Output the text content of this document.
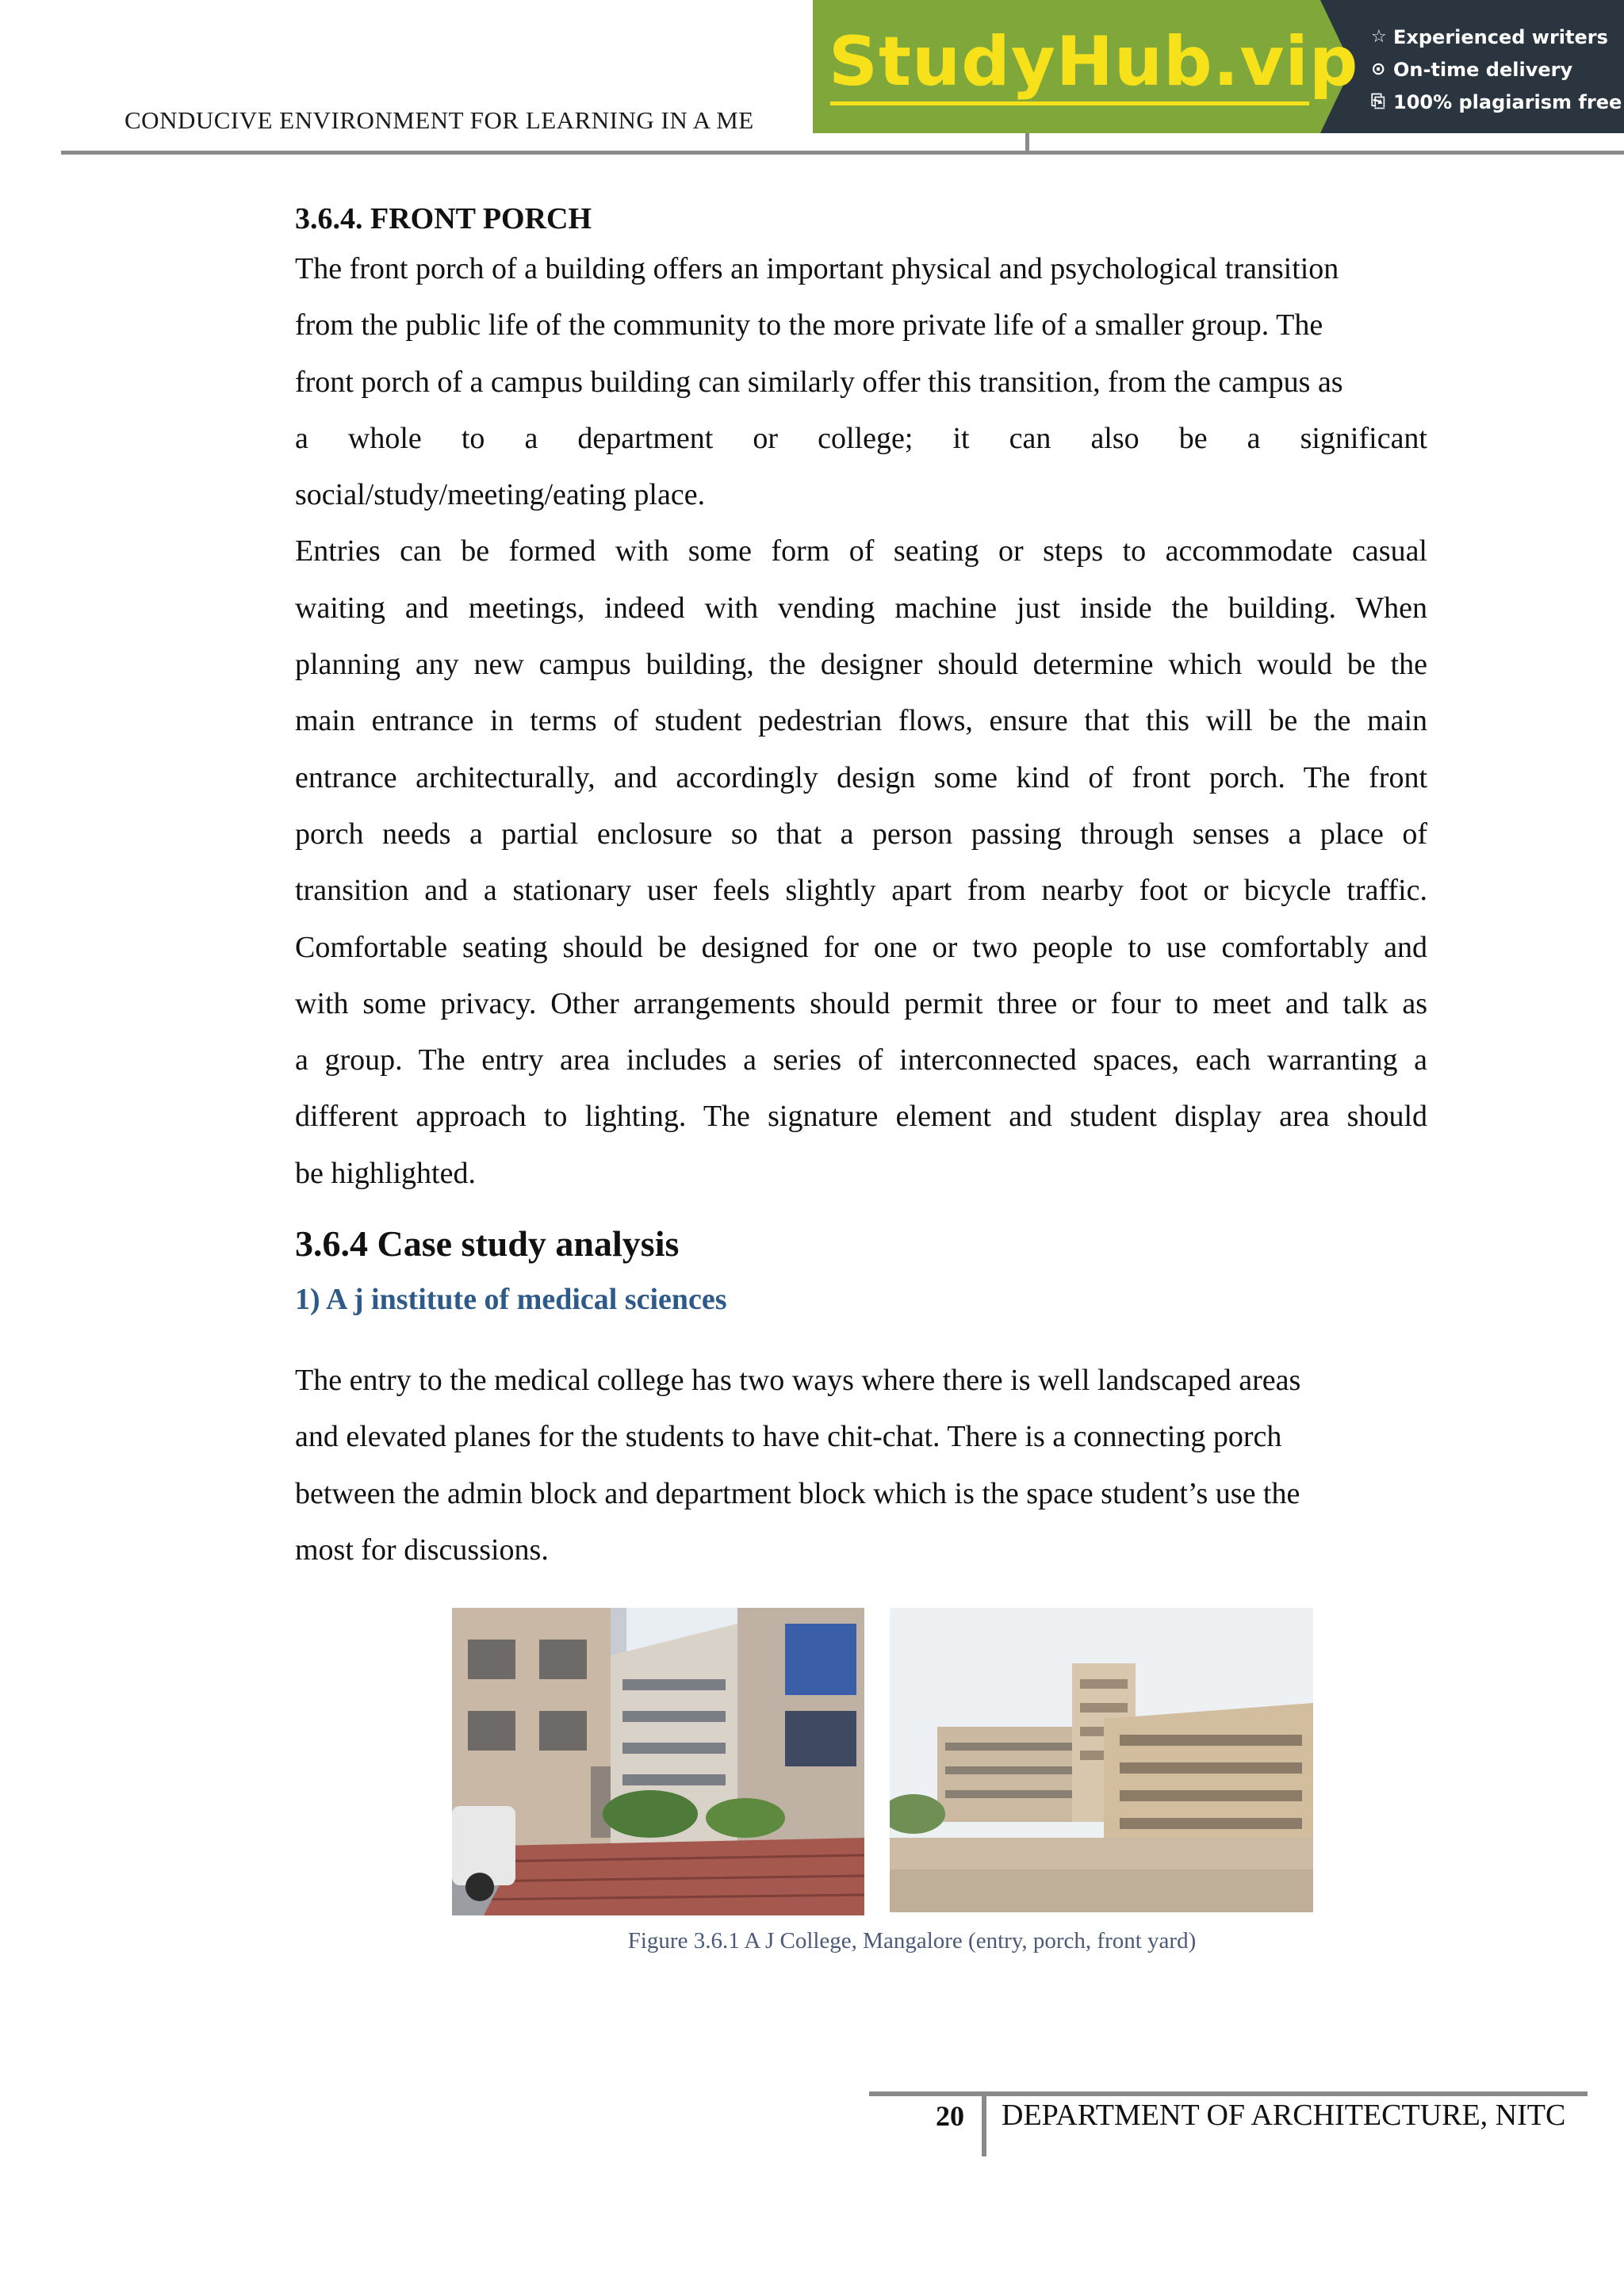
CONDUCIVE ENVIRONMENT FOR LEARNING IN A ME
StudyHub.vip ☆ Experienced writers
⊙ On-time delivery
⎘ 100% plagiarism free
3.6.4. FRONT PORCH

The front porch of a building offers an important physical and psychological transition

from the public life of the community to the more private life of a smaller group. The

front porch of a campus building can similarly offer this transition, from the campus as

a whole to a department or college; it can also be a significant

social/study/meeting/eating place.

Entries can be formed with some form of seating or steps to accommodate casual

waiting and meetings, indeed with vending machine just inside the building. When

planning any new campus building, the designer should determine which would be the

main entrance in terms of student pedestrian flows, ensure that this will be the main

entrance architecturally, and accordingly design some kind of front porch. The front

porch needs a partial enclosure so that a person passing through senses a place of

transition and a stationary user feels slightly apart from nearby foot or bicycle traffic.

Comfortable seating should be designed for one or two people to use comfortably and

with some privacy. Other arrangements should permit three or four to meet and talk as

a group. The entry area includes a series of interconnected spaces, each warranting a

different approach to lighting. The signature element and student display area should

be highlighted.

3.6.4 Case study analysis
1) A j institute of medical sciences

The entry to the medical college has two ways where there is well landscaped areas

and elevated planes for the students to have chit-chat. There is a connecting porch

between the admin block and department block which is the space student’s use the

most for discussions.

Figure 3.6.1 A J College, Mangalore (entry, porch, front yard)
20 DEPARTMENT OF ARCHITECTURE, NITC
